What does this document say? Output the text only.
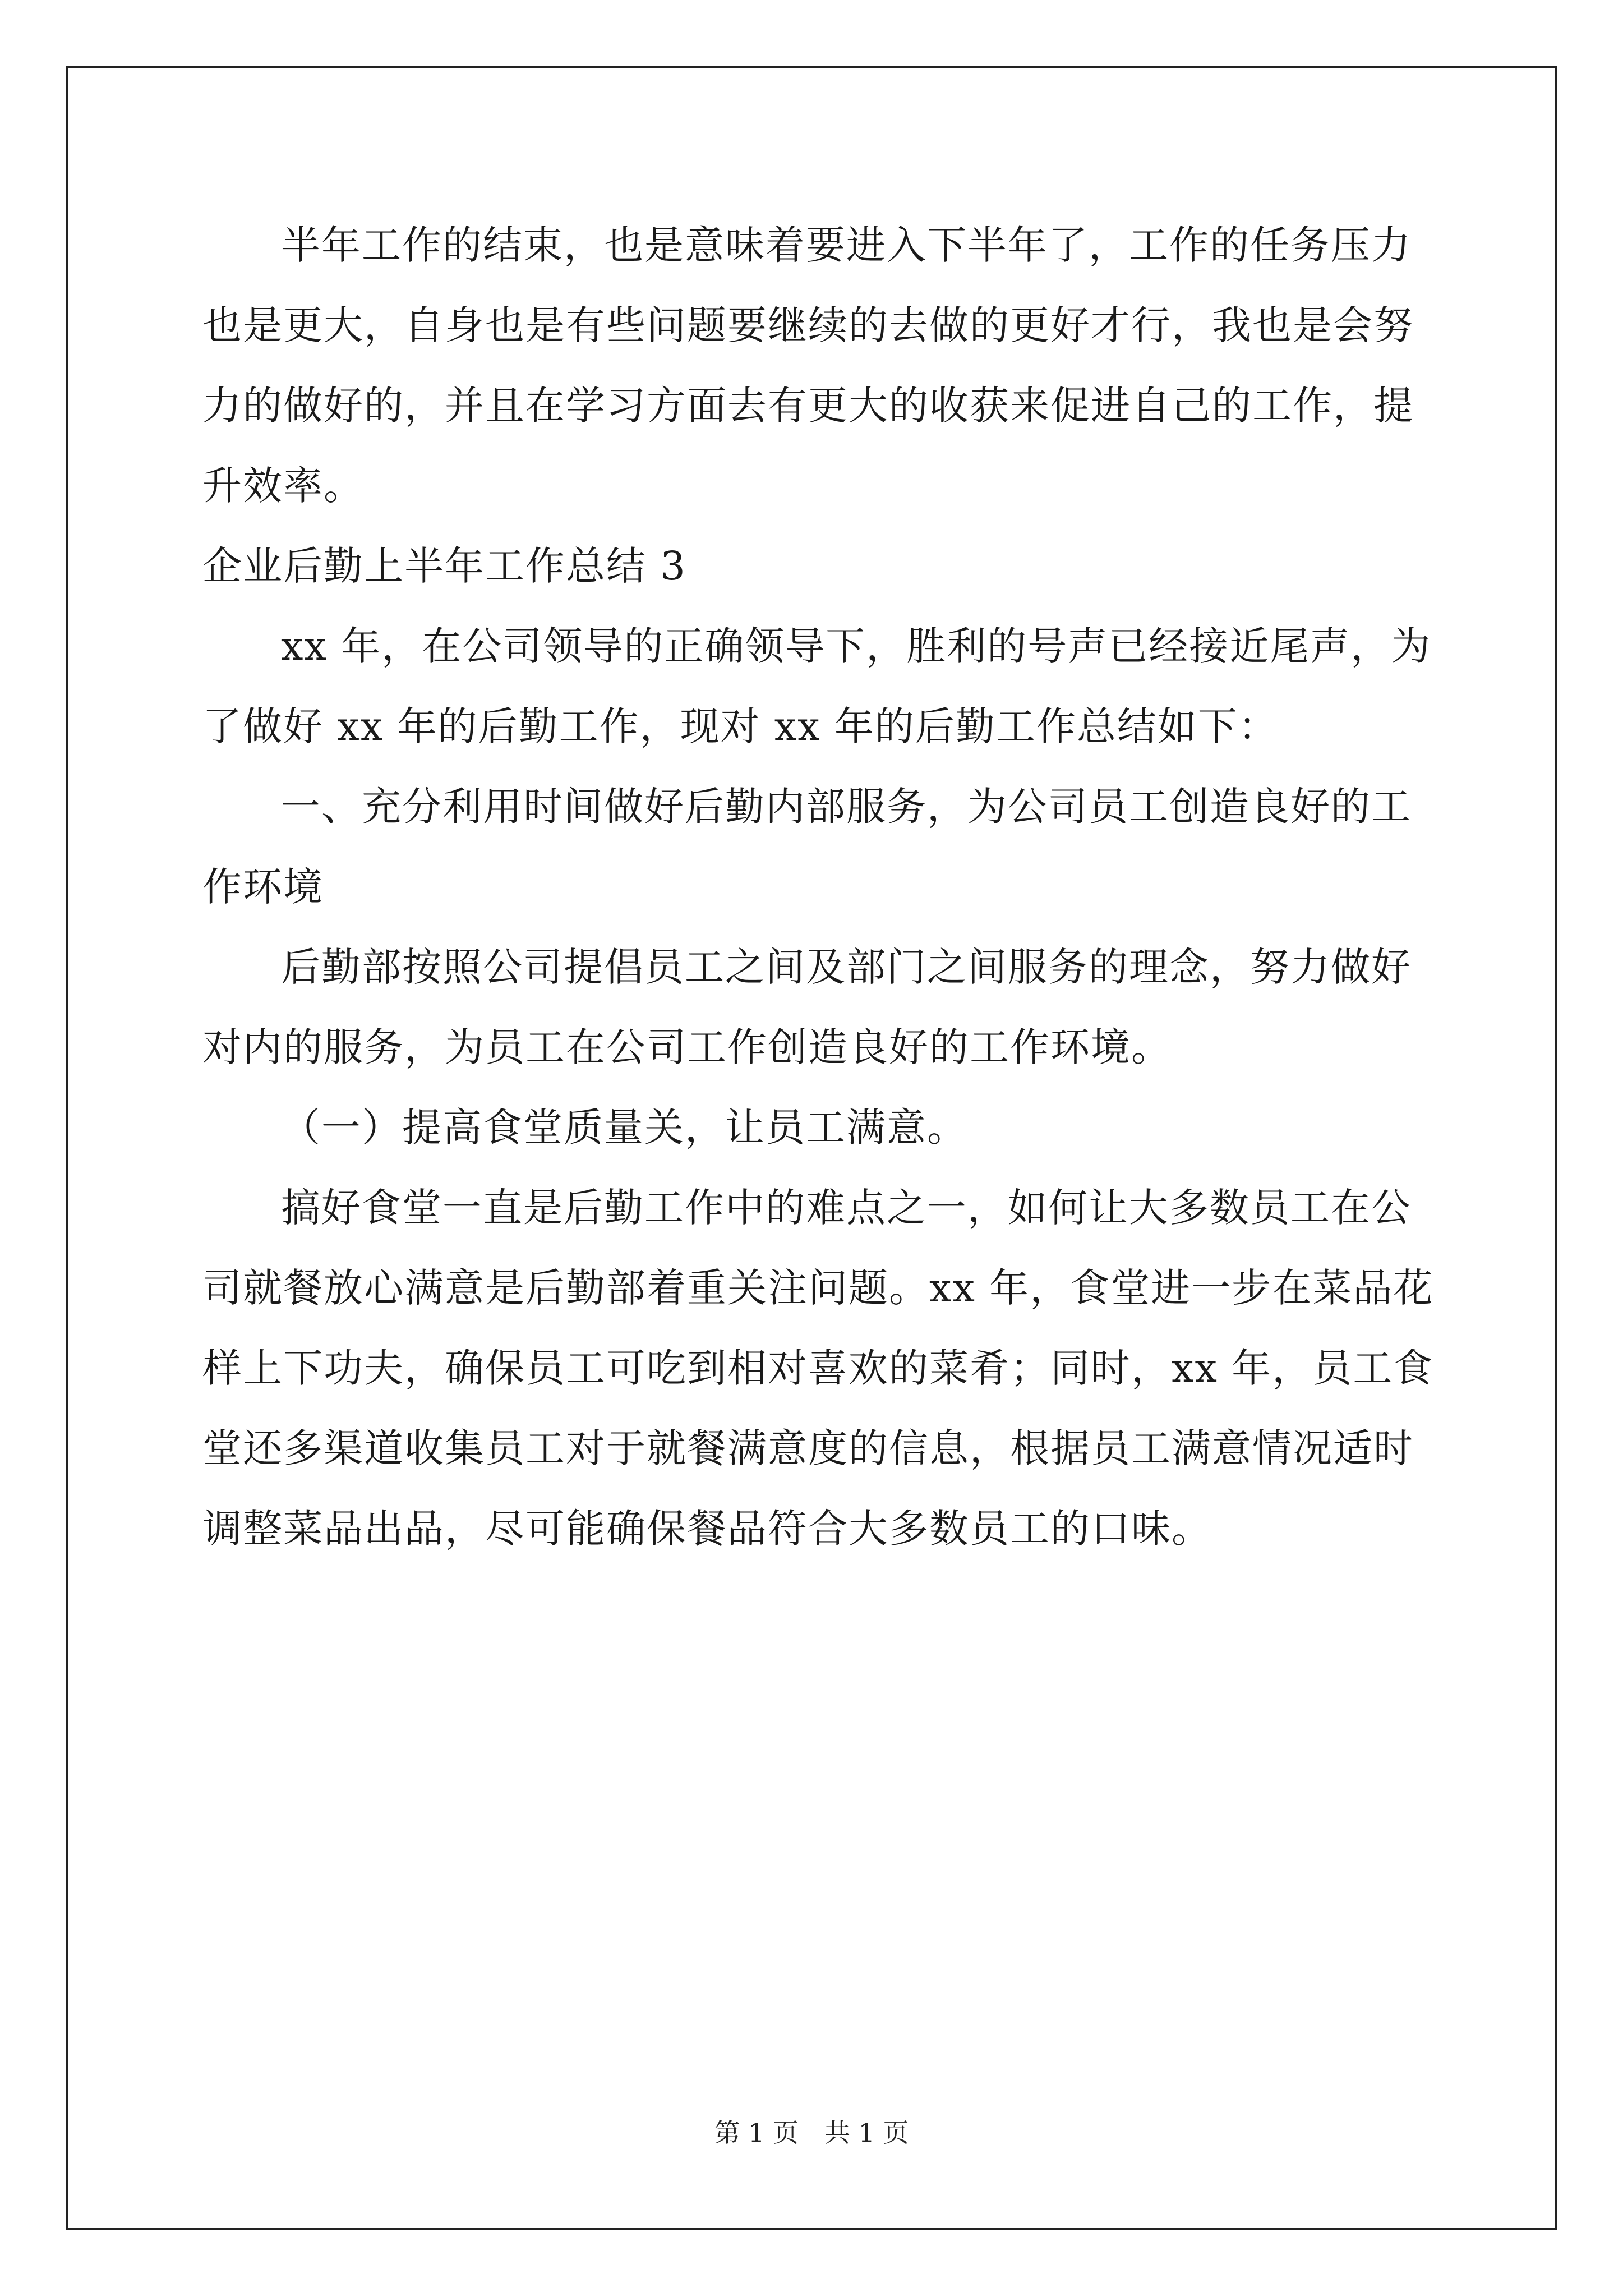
半年工作的结束，也是意味着要进入下半年了，工作的任务压力
也是更大，自身也是有些问题要继续的去做的更好才行，我也是会努
力的做好的，并且在学习方面去有更大的收获来促进自己的工作，提
升效率。
企业后勤上半年工作总结 3
xx 年，在公司领导的正确领导下，胜利的号声已经接近尾声，为
了做好 xx 年的后勤工作，现对 xx 年的后勤工作总结如下：
一、充分利用时间做好后勤内部服务，为公司员工创造良好的工
作环境
后勤部按照公司提倡员工之间及部门之间服务的理念，努力做好
对内的服务，为员工在公司工作创造良好的工作环境。
（一）提高食堂质量关，让员工满意。
搞好食堂一直是后勤工作中的难点之一，如何让大多数员工在公
司就餐放心满意是后勤部着重关注问题。xx 年，食堂进一步在菜品花
样上下功夫，确保员工可吃到相对喜欢的菜肴；同时，xx 年，员工食
堂还多渠道收集员工对于就餐满意度的信息，根据员工满意情况适时
调整菜品出品，尽可能确保餐品符合大多数员工的口味。
第 1 页　共 1 页
